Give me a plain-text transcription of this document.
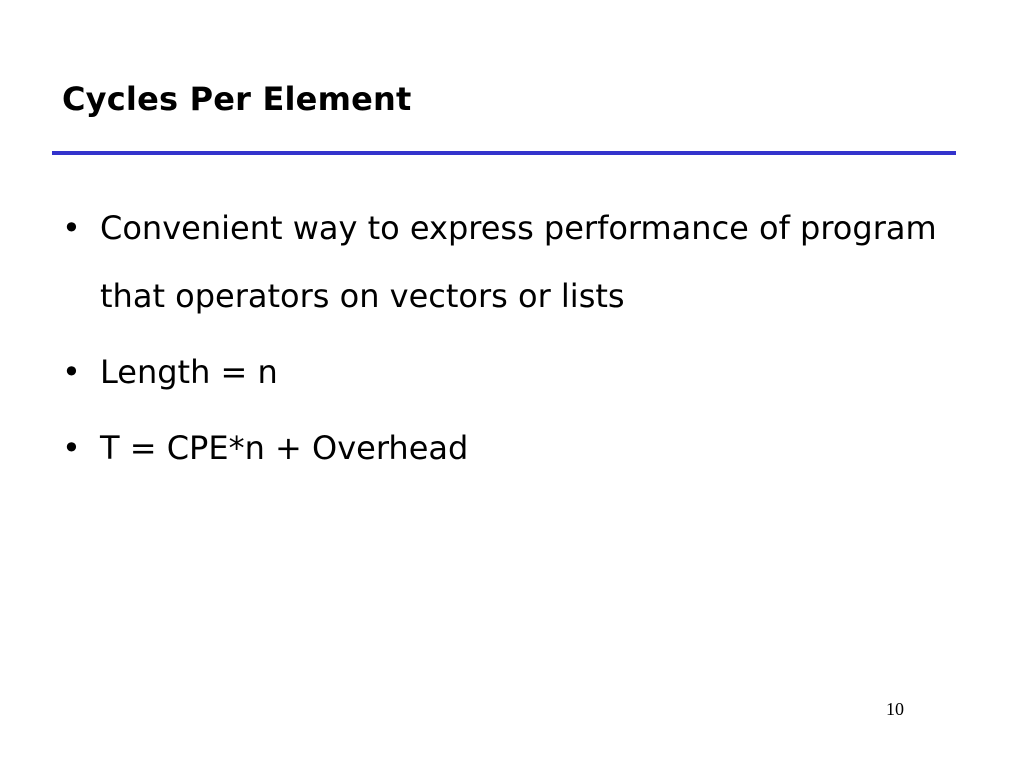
Cycles Per Element
• Convenient way to express performance of program that operators on vectors or lists
• Length = n
• T = CPE*n + Overhead
10
